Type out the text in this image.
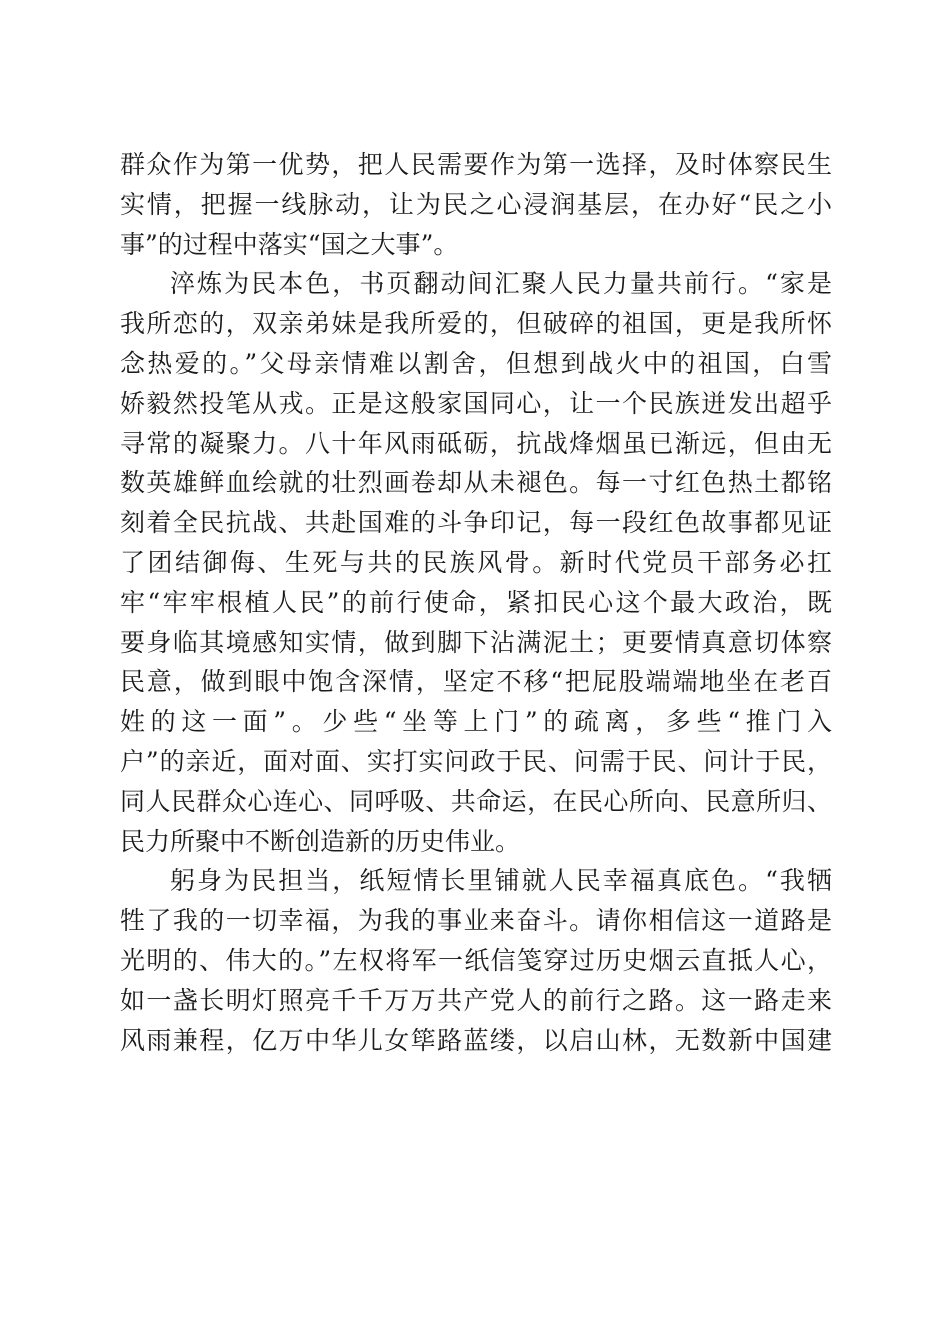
群众作为第一优势，把人民需要作为第一选择，及时体察民生
实情，把握一线脉动，让为民之心浸润基层，在办好“民之小
事”的过程中落实“国之大事”。
淬炼为民本色，书页翻动间汇聚人民力量共前行。“家是
我所恋的，双亲弟妹是我所爱的，但破碎的祖国，更是我所怀
念热爱的。”父母亲情难以割舍，但想到战火中的祖国，白雪
娇毅然投笔从戎。正是这般家国同心，让一个民族迸发出超乎
寻常的凝聚力。八十年风雨砥砺，抗战烽烟虽已渐远，但由无
数英雄鲜血绘就的壮烈画卷却从未褪色。每一寸红色热土都铭
刻着全民抗战、共赴国难的斗争印记，每一段红色故事都见证
了团结御侮、生死与共的民族风骨。新时代党员干部务必扛
牢“牢牢根植人民”的前行使命，紧扣民心这个最大政治，既
要身临其境感知实情，做到脚下沾满泥土；更要情真意切体察
民意，做到眼中饱含深情，坚定不移“把屁股端端地坐在老百
姓的这一面”。少些“坐等上门”的疏离，多些“推门入
户”的亲近，面对面、实打实问政于民、问需于民、问计于民，
同人民群众心连心、同呼吸、共命运，在民心所向、民意所归、
民力所聚中不断创造新的历史伟业。
躬身为民担当，纸短情长里铺就人民幸福真底色。“我牺
牲了我的一切幸福，为我的事业来奋斗。请你相信这一道路是
光明的、伟大的。”左权将军一纸信笺穿过历史烟云直抵人心，
如一盏长明灯照亮千千万万共产党人的前行之路。这一路走来
风雨兼程，亿万中华儿女筚路蓝缕，以启山林，无数新中国建
